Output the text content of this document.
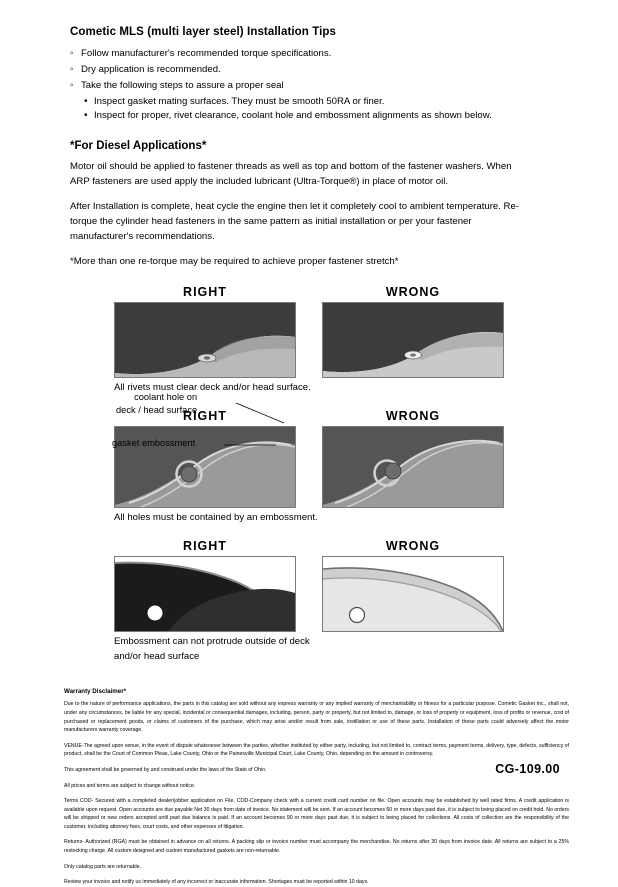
Cometic MLS (multi layer steel) Installation Tips
◦ Follow manufacturer's recommended torque specifications.
◦ Dry application is recommended.
◦ Take the following steps to assure a proper seal
• Inspect gasket mating surfaces. They must be smooth 50RA or finer.
• Inspect for proper, rivet clearance, coolant hole and embossment alignments as shown below.
*For Diesel Applications*

Motor oil should be applied to fastener threads as well as top and bottom of the fastener washers. When ARP fasteners are used apply the included lubricant (Ultra-Torque®) in place of motor oil.

After Installation is complete, heat cycle the engine then let it completely cool to ambient temperature. Re-torque the cylinder head fasteners in the same pattern as initial installation or per your fastener manufacturer's recommendations.

*More than one re-torque may be required to achieve proper fastener stretch*

RIGHT	WRONG
All rivets must clear deck and/or head surface.
RIGHT	WRONG
All holes must be contained by an embossment.
RIGHT	WRONG
Embossment can not protrude outside of deck
and/or head surface
coolant hole on
deck / head surface
gasket embossment
Warranty Disclaimer*

Due to the nature of performance applications, the parts in this catalog are sold without any express warranty or any implied warranty of merchantability or fitness for a particular purpose. Cometic Gasket Inc., shall not, under any circumstances, be liable for any special, incidental or consequential damages, including, person, party or property, but not limited to, damage, or loss of property or equipment, loss of profits or revenue, cost of purchased or replacement goods, or claims of customers of the purchase, which may arise and/or result from sale, instillation or use of these parts. Installation of these parts could adversely affect the motor manufacturers warranty coverage.

VENUE-The agreed upon venue, in the event of dispute whatsoever between the parties, whether instituted by either party, including, but not limited to, contract terms, payment terms, delivery, type, defects, sufficiency of product, shall be the Court of Common Pleas, Lake County, Ohio or the Painesville Municipal Court, Lake County, Ohio, depending on the amount in controversy.

This agreement shall be governed by and construed under the laws of the State of Ohio.

All prices and terms are subject to change without notice.

Terms COD- Secured with a completed dealer/jobber application on File, COD-Company check with a current credit card number on file. Open accounts may be established by well rated firms. A credit application is available upon request. Open accounts are due payable Net 30 days from date of invoice. No statement will be sent. If an account becomes 60 or more days past due, it is subject to being placed on credit hold. No orders will be shipped or new orders accepted until past due balance is paid. If an account becomes 90 or more days past due, it is subject to being placed for collections. All costs of collection are the responsibility of the customer, including attorney fees, court costs, and other expenses of litigation.

Returns- Authorized (RGA) must be obtained in advance on all returns. A packing slip or invoice number must accompany the merchandise. No returns after 30 days from invoice date. All returns are subject to a 25% restocking charge. All custom designed and custom manufactured gaskets are non-returnable.

Only catalog parts are returnable.

Review your invoice and notify us immediately of any incorrect or inaccurate information. Shortages must be reported within 10 days.

CG-109.00
